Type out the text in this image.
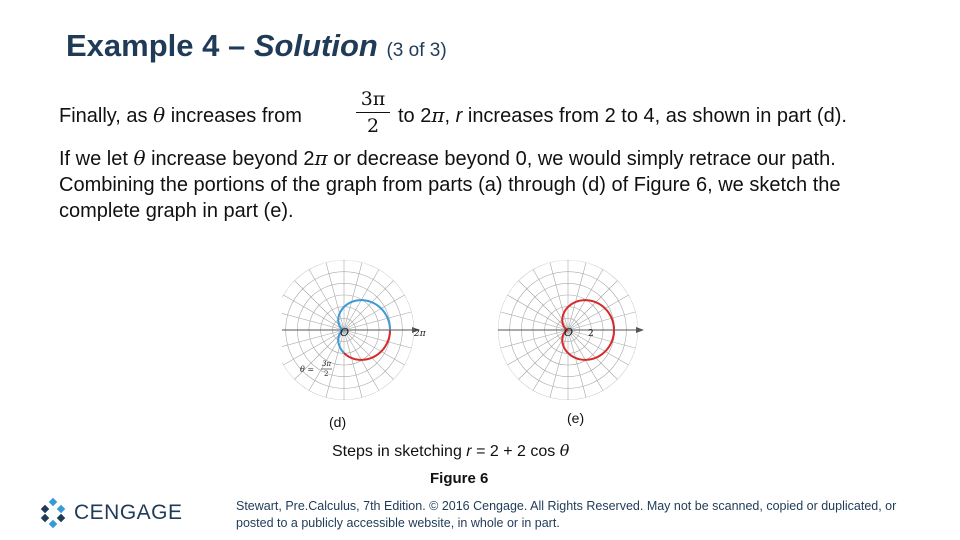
Example 4 – Solution (3 of 3)
Finally, as θ increases from
3π
2 to 2π, r increases from 2 to 4, as shown in part (d).
If we let θ increase beyond 2π or decrease beyond 0, we would simply retrace our path. Combining the portions of the graph from parts (a) through (d) of Figure 6, we sketch the complete graph in part (e).
O	2π
θ =
3π
2
O 2
(d)	(e)
Steps in sketching r = 2 + 2 cos θ
Figure 6
CENGAGE	Stewart, Pre.Calculus, 7th Edition. © 2016 Cengage. All Rights Reserved. May not be scanned, copied or duplicated, or posted to a publicly accessible website, in whole or in part.
